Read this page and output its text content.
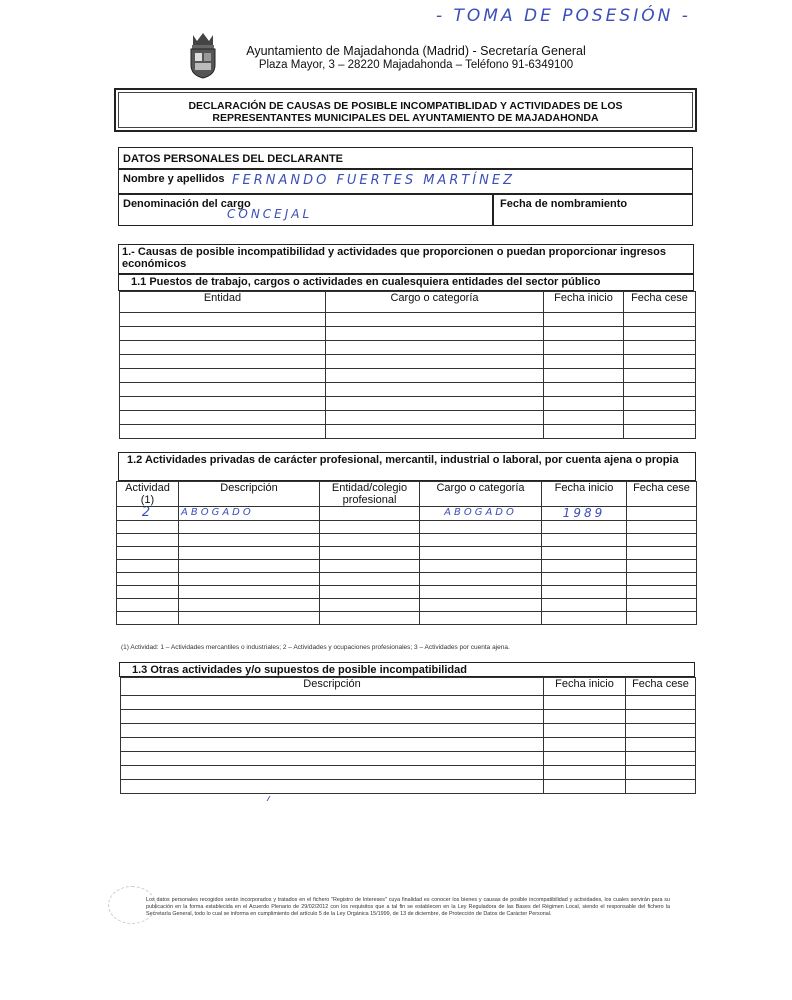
- TOMA DE POSESIÓN -
Ayuntamiento de Majadahonda (Madrid) - Secretaría General
Plaza Mayor, 3 – 28220 Majadahonda – Teléfono 91-6349100
DECLARACIÓN DE CAUSAS DE POSIBLE INCOMPATIBLIDAD Y ACTIVIDADES DE LOS
REPRESENTANTES MUNICIPALES DEL AYUNTAMIENTO DE MAJADAHONDA
DATOS PERSONALES DEL DECLARANTE
Nombre y apellidos FERNANDO FUERTES MARTÍNEZ
Denominación del cargo
CONCEJAL
Fecha de nombramiento
1.- Causas de posible incompatibilidad y actividades que proporcionen o puedan proporcionar ingresos económicos
1.1 Puestos de trabajo, cargos o actividades en cualesquiera entidades del sector público
Entidad	Cargo o categoría	Fecha inicio	Fecha cese

1.2 Actividades privadas de carácter profesional, mercantil, industrial o laboral, por cuenta ajena o propia
Actividad (1)	Descripción	Entidad/colegio profesional	Cargo o categoría	Fecha inicio	Fecha cese
2	ABOGADO		ABOGADO	1989	

(1) Actividad: 1 – Actividades mercantiles o industriales; 2 – Actividades y ocupaciones profesionales; 3 – Actividades por cuenta ajena.
1.3 Otras actividades y/o supuestos de posible incompatibilidad
Descripción	Fecha inicio	Fecha cese

Los datos personales recogidos serán incorporados y tratados en el fichero "Registro de Intereses" cuya finalidad es conocer los bienes y causas de posible incompatibilidad y actividades, los cuales servirán para su publicación en la forma establecida en el Acuerdo Plenario de 29/02/2012 con los requisitos que a tal fin se establecen en la Ley Reguladora de las Bases del Régimen Local, siendo el responsable del fichero la Secretaría General, todo lo cual se informa en cumplimiento del artículo 5 de la Ley Orgánica 15/1999, de 13 de diciembre, de Protección de Datos de Carácter Personal.
